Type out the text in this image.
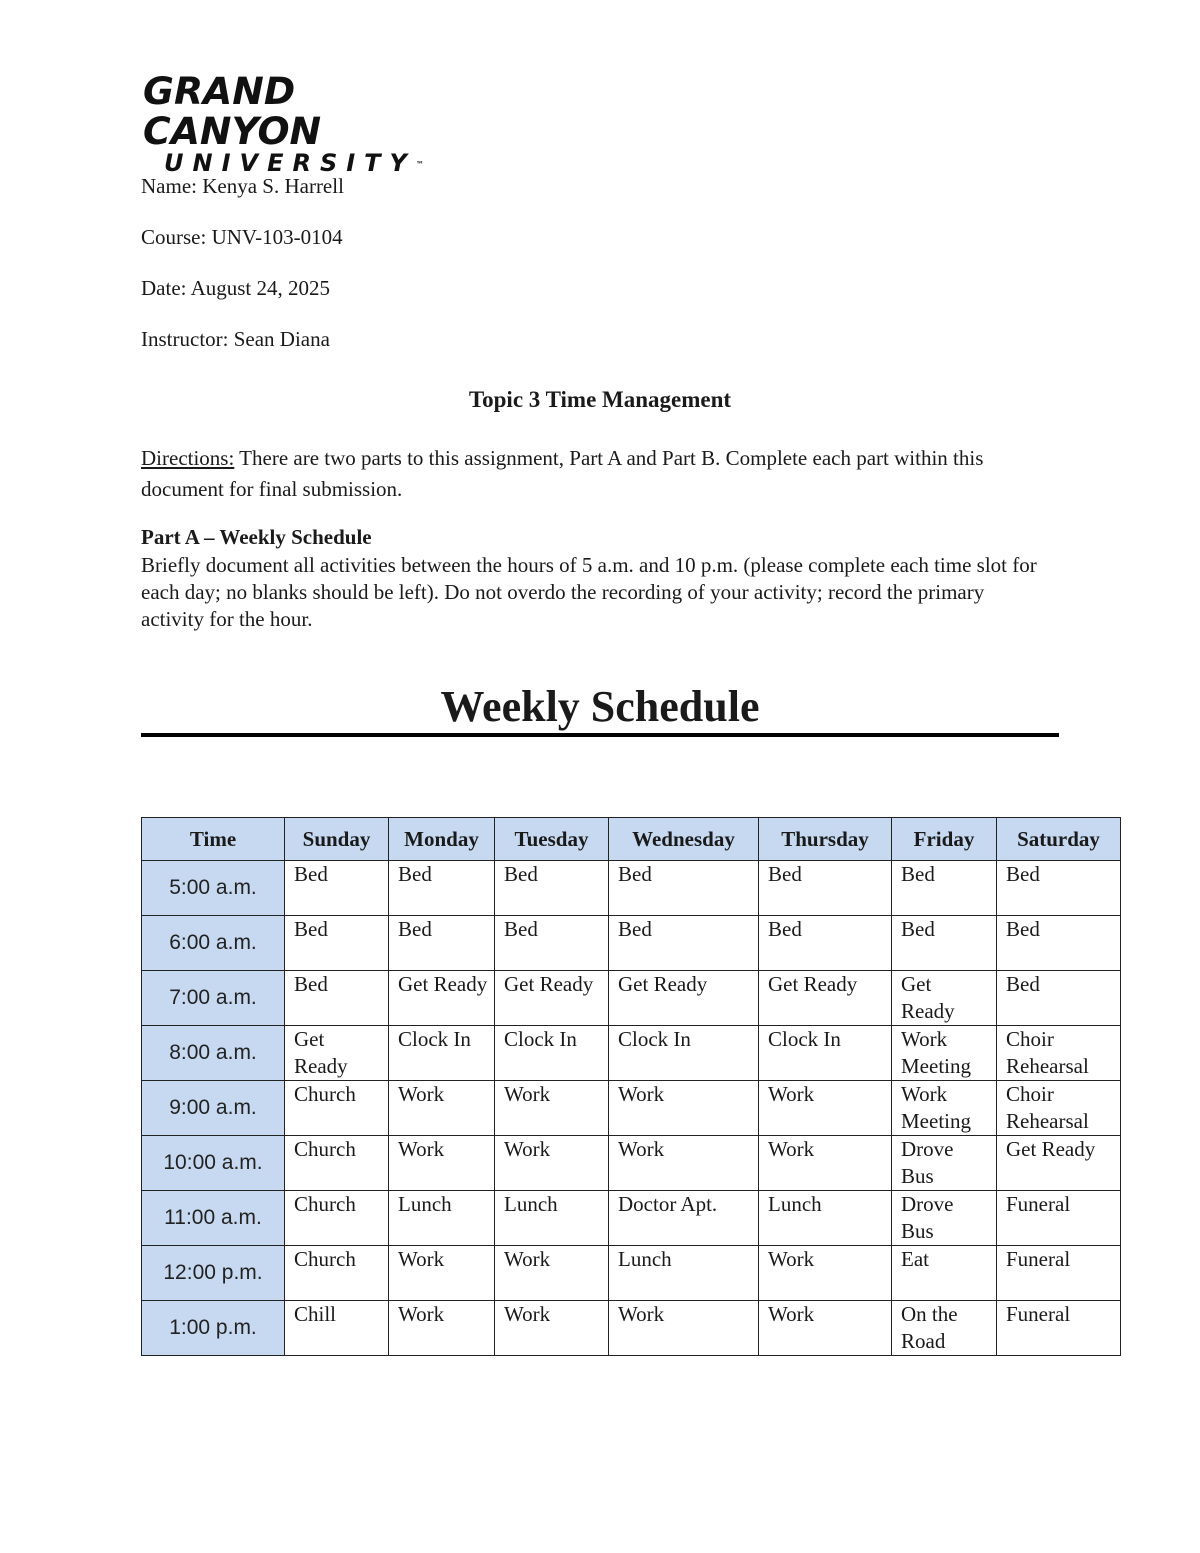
GRAND CANYON
UNIVERSITY™
Name: Kenya S. Harrell
Course: UNV-103-0104
Date: August 24, 2025
Instructor: Sean Diana
Topic 3 Time Management
Directions: There are two parts to this assignment, Part A and Part B. Complete each part within this document for final submission.
Part A – Weekly Schedule
Briefly document all activities between the hours of 5 a.m. and 10 p.m. (please complete each time slot for each day; no blanks should be left). Do not overdo the recording of your activity; record the primary activity for the hour.
Weekly Schedule
Time	Sunday	Monday	Tuesday	Wednesday	Thursday	Friday	Saturday
5:00 a.m.	Bed	Bed	Bed	Bed	Bed	Bed	Bed
6:00 a.m.	Bed	Bed	Bed	Bed	Bed	Bed	Bed
7:00 a.m.	Bed	Get Ready	Get Ready	Get Ready	Get Ready	Get Ready	Bed
8:00 a.m.	Get Ready	Clock In	Clock In	Clock In	Clock In	Work Meeting	Choir Rehearsal
9:00 a.m.	Church	Work	Work	Work	Work	Work Meeting	Choir Rehearsal
10:00 a.m.	Church	Work	Work	Work	Work	Drove Bus	Get Ready
11:00 a.m.	Church	Lunch	Lunch	Doctor Apt.	Lunch	Drove Bus	Funeral
12:00 p.m.	Church	Work	Work	Lunch	Work	Eat	Funeral
1:00 p.m.	Chill	Work	Work	Work	Work	On the Road	Funeral
